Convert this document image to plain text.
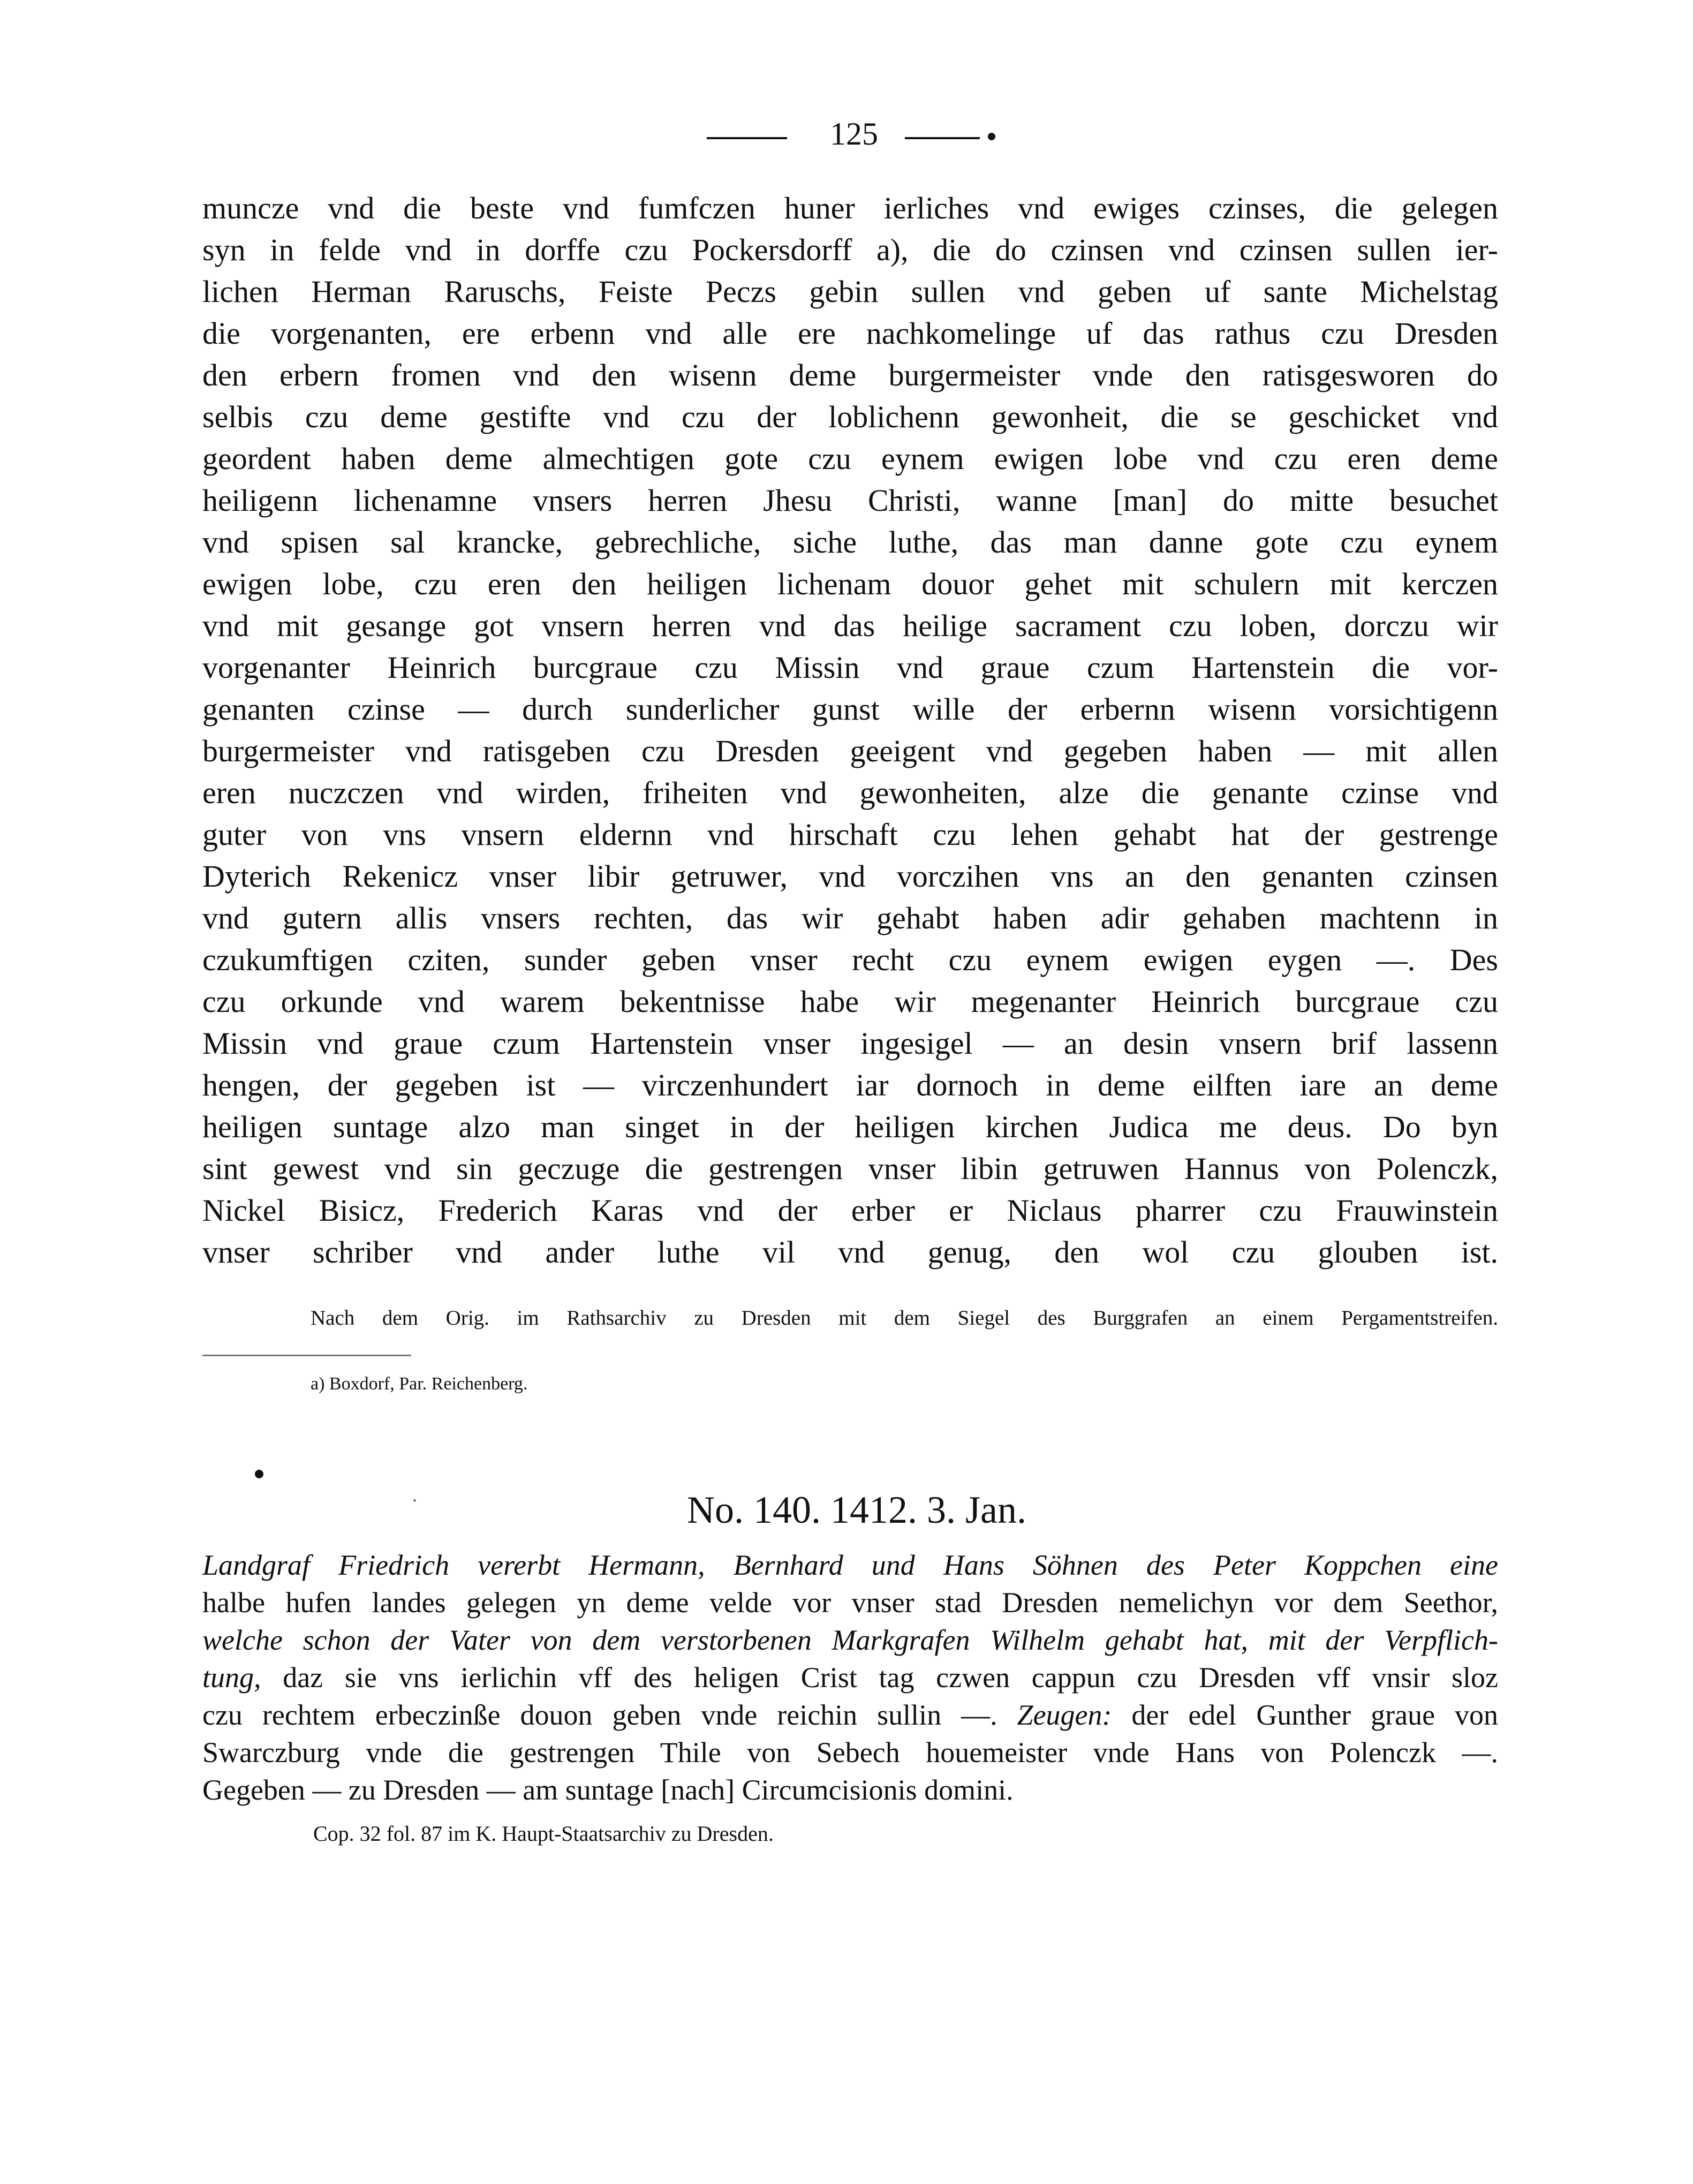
125
muncze vnd die beste vnd fumfczen huner ierliches vnd ewiges czinses, die gelegen
syn in felde vnd in dorffe czu Pockersdorff a), die do czinsen vnd czinsen sullen ier-
lichen Herman Raruschs, Feiste Peczs gebin sullen vnd geben uf sante Michelstag
die vorgenanten, ere erbenn vnd alle ere nachkomelinge uf das rathus czu Dresden
den erbern fromen vnd den wisenn deme burgermeister vnde den ratisgesworen do
selbis czu deme gestifte vnd czu der loblichenn gewonheit, die se geschicket vnd
geordent haben deme almechtigen gote czu eynem ewigen lobe vnd czu eren deme
heiligenn lichenamne vnsers herren Jhesu Christi, wanne [man] do mitte besuchet
vnd spisen sal krancke, gebrechliche, siche luthe, das man danne gote czu eynem
ewigen lobe, czu eren den heiligen lichenam douor gehet mit schulern mit kerczen
vnd mit gesange got vnsern herren vnd das heilige sacrament czu loben, dorczu wir
vorgenanter Heinrich burcgraue czu Missin vnd graue czum Hartenstein die vor-
genanten czinse — durch sunderlicher gunst wille der erbernn wisenn vorsichtigenn
burgermeister vnd ratisgeben czu Dresden geeigent vnd gegeben haben — mit allen
eren nuczczen vnd wirden, friheiten vnd gewonheiten, alze die genante czinse vnd
guter von vns vnsern eldernn vnd hirschaft czu lehen gehabt hat der gestrenge
Dyterich Rekenicz vnser libir getruwer, vnd vorczihen vns an den genanten czinsen
vnd gutern allis vnsers rechten, das wir gehabt haben adir gehaben machtenn in
czukumftigen cziten, sunder geben vnser recht czu eynem ewigen eygen —. Des
czu orkunde vnd warem bekentnisse habe wir megenanter Heinrich burcgraue czu
Missin vnd graue czum Hartenstein vnser ingesigel — an desin vnsern brif lassenn
hengen, der gegeben ist — virczenhundert iar dornoch in deme eilften iare an deme
heiligen suntage alzo man singet in der heiligen kirchen Judica me deus. Do byn
sint gewest vnd sin geczuge die gestrengen vnser libin getruwen Hannus von Polenczk,
Nickel Bisicz, Frederich Karas vnd der erber er Niclaus pharrer czu Frauwinstein
vnser schriber vnd ander luthe vil vnd genug, den wol czu glouben ist.
Nach dem Orig. im Rathsarchiv zu Dresden mit dem Siegel des Burggrafen an einem Pergamentstreifen.
a) Boxdorf, Par. Reichenberg.
No. 140. 1412. 3. Jan.
Landgraf Friedrich vererbt Hermann, Bernhard und Hans Söhnen des Peter Koppchen eine
halbe hufen landes gelegen yn deme velde vor vnser stad Dresden nemelichyn vor dem Seethor,
welche schon der Vater von dem verstorbenen Markgrafen Wilhelm gehabt hat, mit der Verpflich-
tung, daz sie vns ierlichin vff des heligen Crist tag czwen cappun czu Dresden vff vnsir sloz
czu rechtem erbeczinße douon geben vnde reichin sullin —. Zeugen: der edel Gunther graue von
Swarczburg vnde die gestrengen Thile von Sebech houemeister vnde Hans von Polenczk —.
Gegeben — zu Dresden — am suntage [nach] Circumcisionis domini.
Cop. 32 fol. 87 im K. Haupt-Staatsarchiv zu Dresden.
